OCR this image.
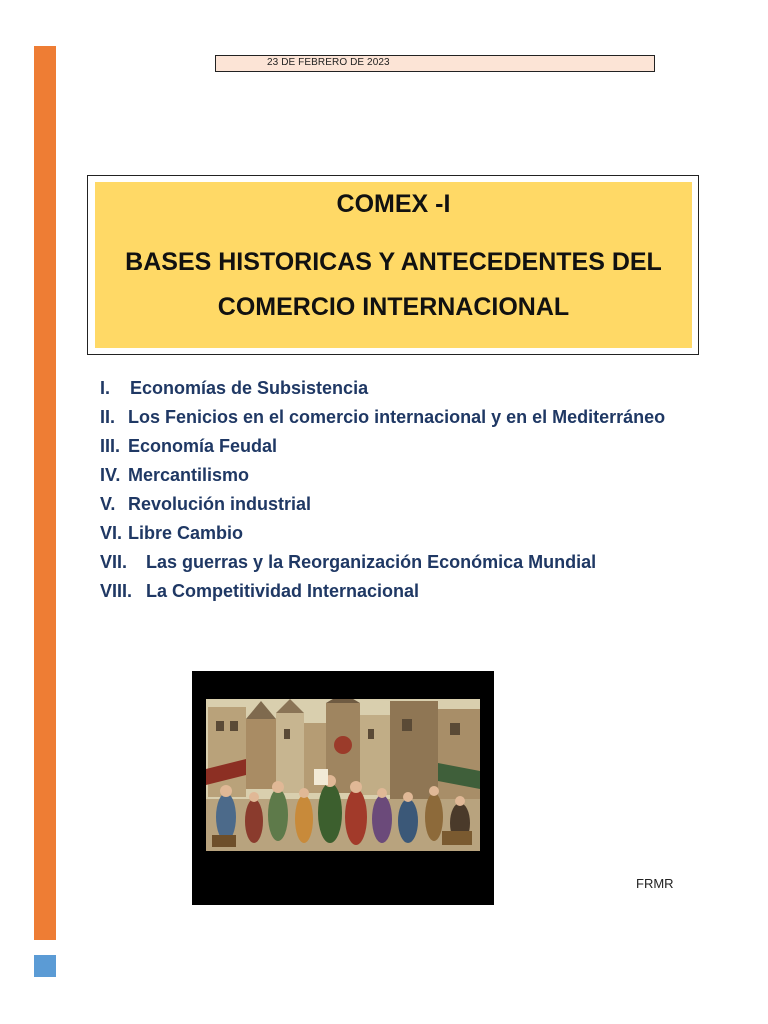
23 DE FEBRERO DE 2023
COMEX -I
BASES HISTORICAS Y ANTECEDENTES DEL
COMERCIO INTERNACIONAL
I. Economías de Subsistencia
II. Los Fenicios en el comercio internacional y en el Mediterráneo
III. Economía Feudal
IV. Mercantilismo
V. Revolución industrial
VI. Libre Cambio
VII. Las guerras y la Reorganización Económica Mundial
VIII. La Competitividad Internacional
FRMR
